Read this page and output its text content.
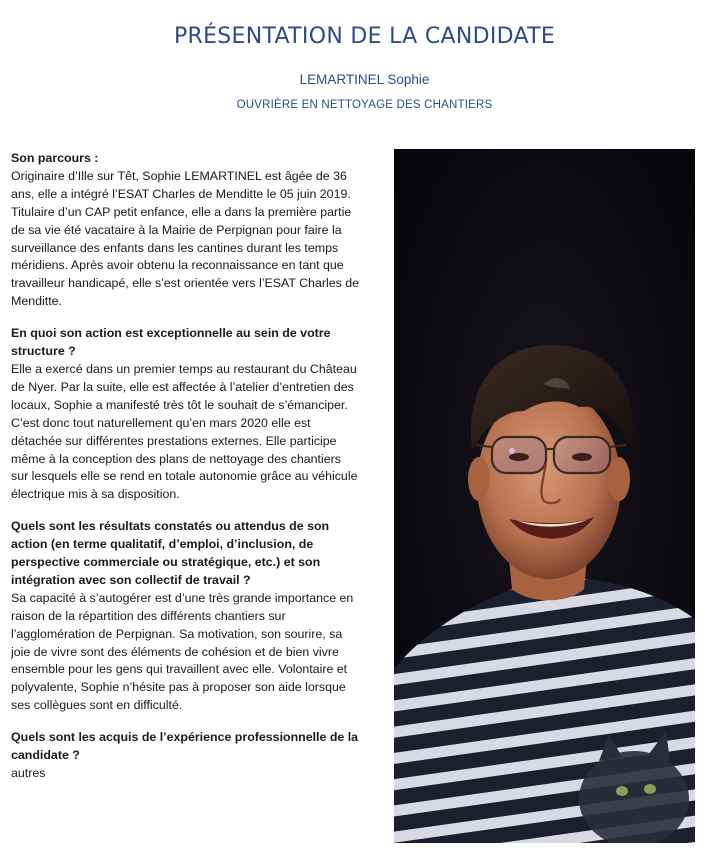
PRÉSENTATION DE LA CANDIDATE
LEMARTINEL Sophie
OUVRIÈRE EN NETTOYAGE DES CHANTIERS
Son parcours :
Originaire d’Ille sur Têt, Sophie LEMARTINEL est âgée de 36 ans, elle a intégré l’ESAT Charles de Menditte le 05 juin 2019. Titulaire d’un CAP petit enfance, elle a dans la première partie de sa vie été vacataire à la Mairie de Perpignan pour faire la surveillance des enfants dans les cantines durant les temps méridiens. Après avoir obtenu la reconnaissance en tant que travailleur handicapé, elle s’est orientée vers l’ESAT Charles de Menditte.
En quoi son action est exceptionnelle au sein de votre structure ?
Elle a exercé dans un premier temps au restaurant du Château de Nyer. Par la suite, elle est affectée à l’atelier d’entretien des locaux, Sophie a manifesté très tôt le souhait de s’émanciper. C’est donc tout naturellement qu’en mars 2020 elle est détachée sur différentes prestations externes. Elle participe même à la conception des plans de nettoyage des chantiers sur lesquels elle se rend en totale autonomie grâce au véhicule électrique mis à sa disposition.
Quels sont les résultats constatés ou attendus de son action (en terme qualitatif, d’emploi, d’inclusion, de perspective commerciale ou stratégique, etc.) et son intégration avec son collectif de travail ?
Sa capacité à s’autogérer est d’une très grande importance en raison de la répartition des différents chantiers sur l’agglomération de Perpignan. Sa motivation, son sourire, sa joie de vivre sont des éléments de cohésion et de bien vivre ensemble pour les gens qui travaillent avec elle. Volontaire et polyvalente, Sophie n’hésite pas à proposer son aide lorsque ses collègues sont en difficulté.
Quels sont les acquis de l’expérience professionnelle de la candidate ?
autres
